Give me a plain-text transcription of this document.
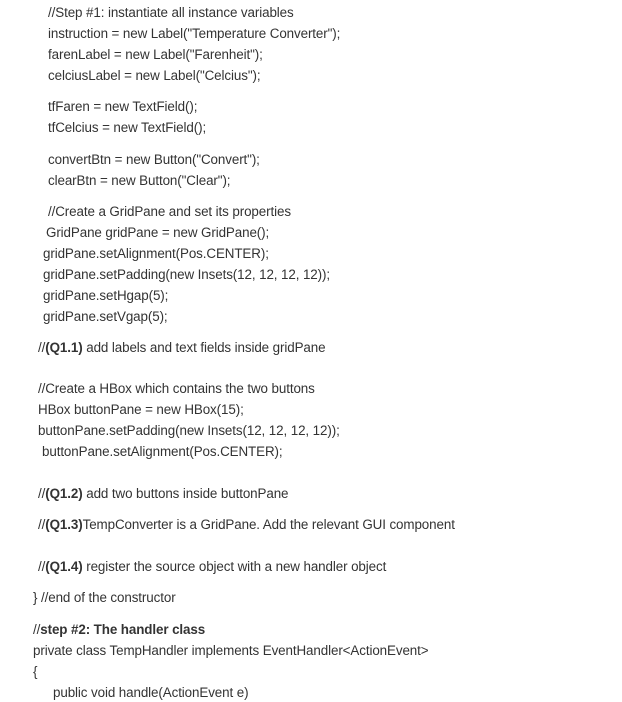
//Step #1: instantiate all instance variables
instruction = new Label("Temperature Converter");
farenLabel = new Label("Farenheit");
celciusLabel = new Label("Celcius");
tfFaren = new TextField();
tfCelcius = new TextField();
convertBtn = new Button("Convert");
clearBtn = new Button("Clear");
//Create a GridPane and set its properties
GridPane gridPane = new GridPane();
gridPane.setAlignment(Pos.CENTER);
gridPane.setPadding(new Insets(12, 12, 12, 12));
gridPane.setHgap(5);
gridPane.setVgap(5);
//(Q1.1) add labels and text fields inside gridPane
//Create a HBox which contains the two buttons
HBox buttonPane = new HBox(15);
buttonPane.setPadding(new Insets(12, 12, 12, 12));
buttonPane.setAlignment(Pos.CENTER);
//(Q1.2) add two buttons inside buttonPane
//(Q1.3)TempConverter is a GridPane. Add the relevant GUI component
//(Q1.4) register the source object with a new handler object
} //end of the constructor
//step #2: The handler class
private class TempHandler implements EventHandler<ActionEvent>
{
public void handle(ActionEvent e)
